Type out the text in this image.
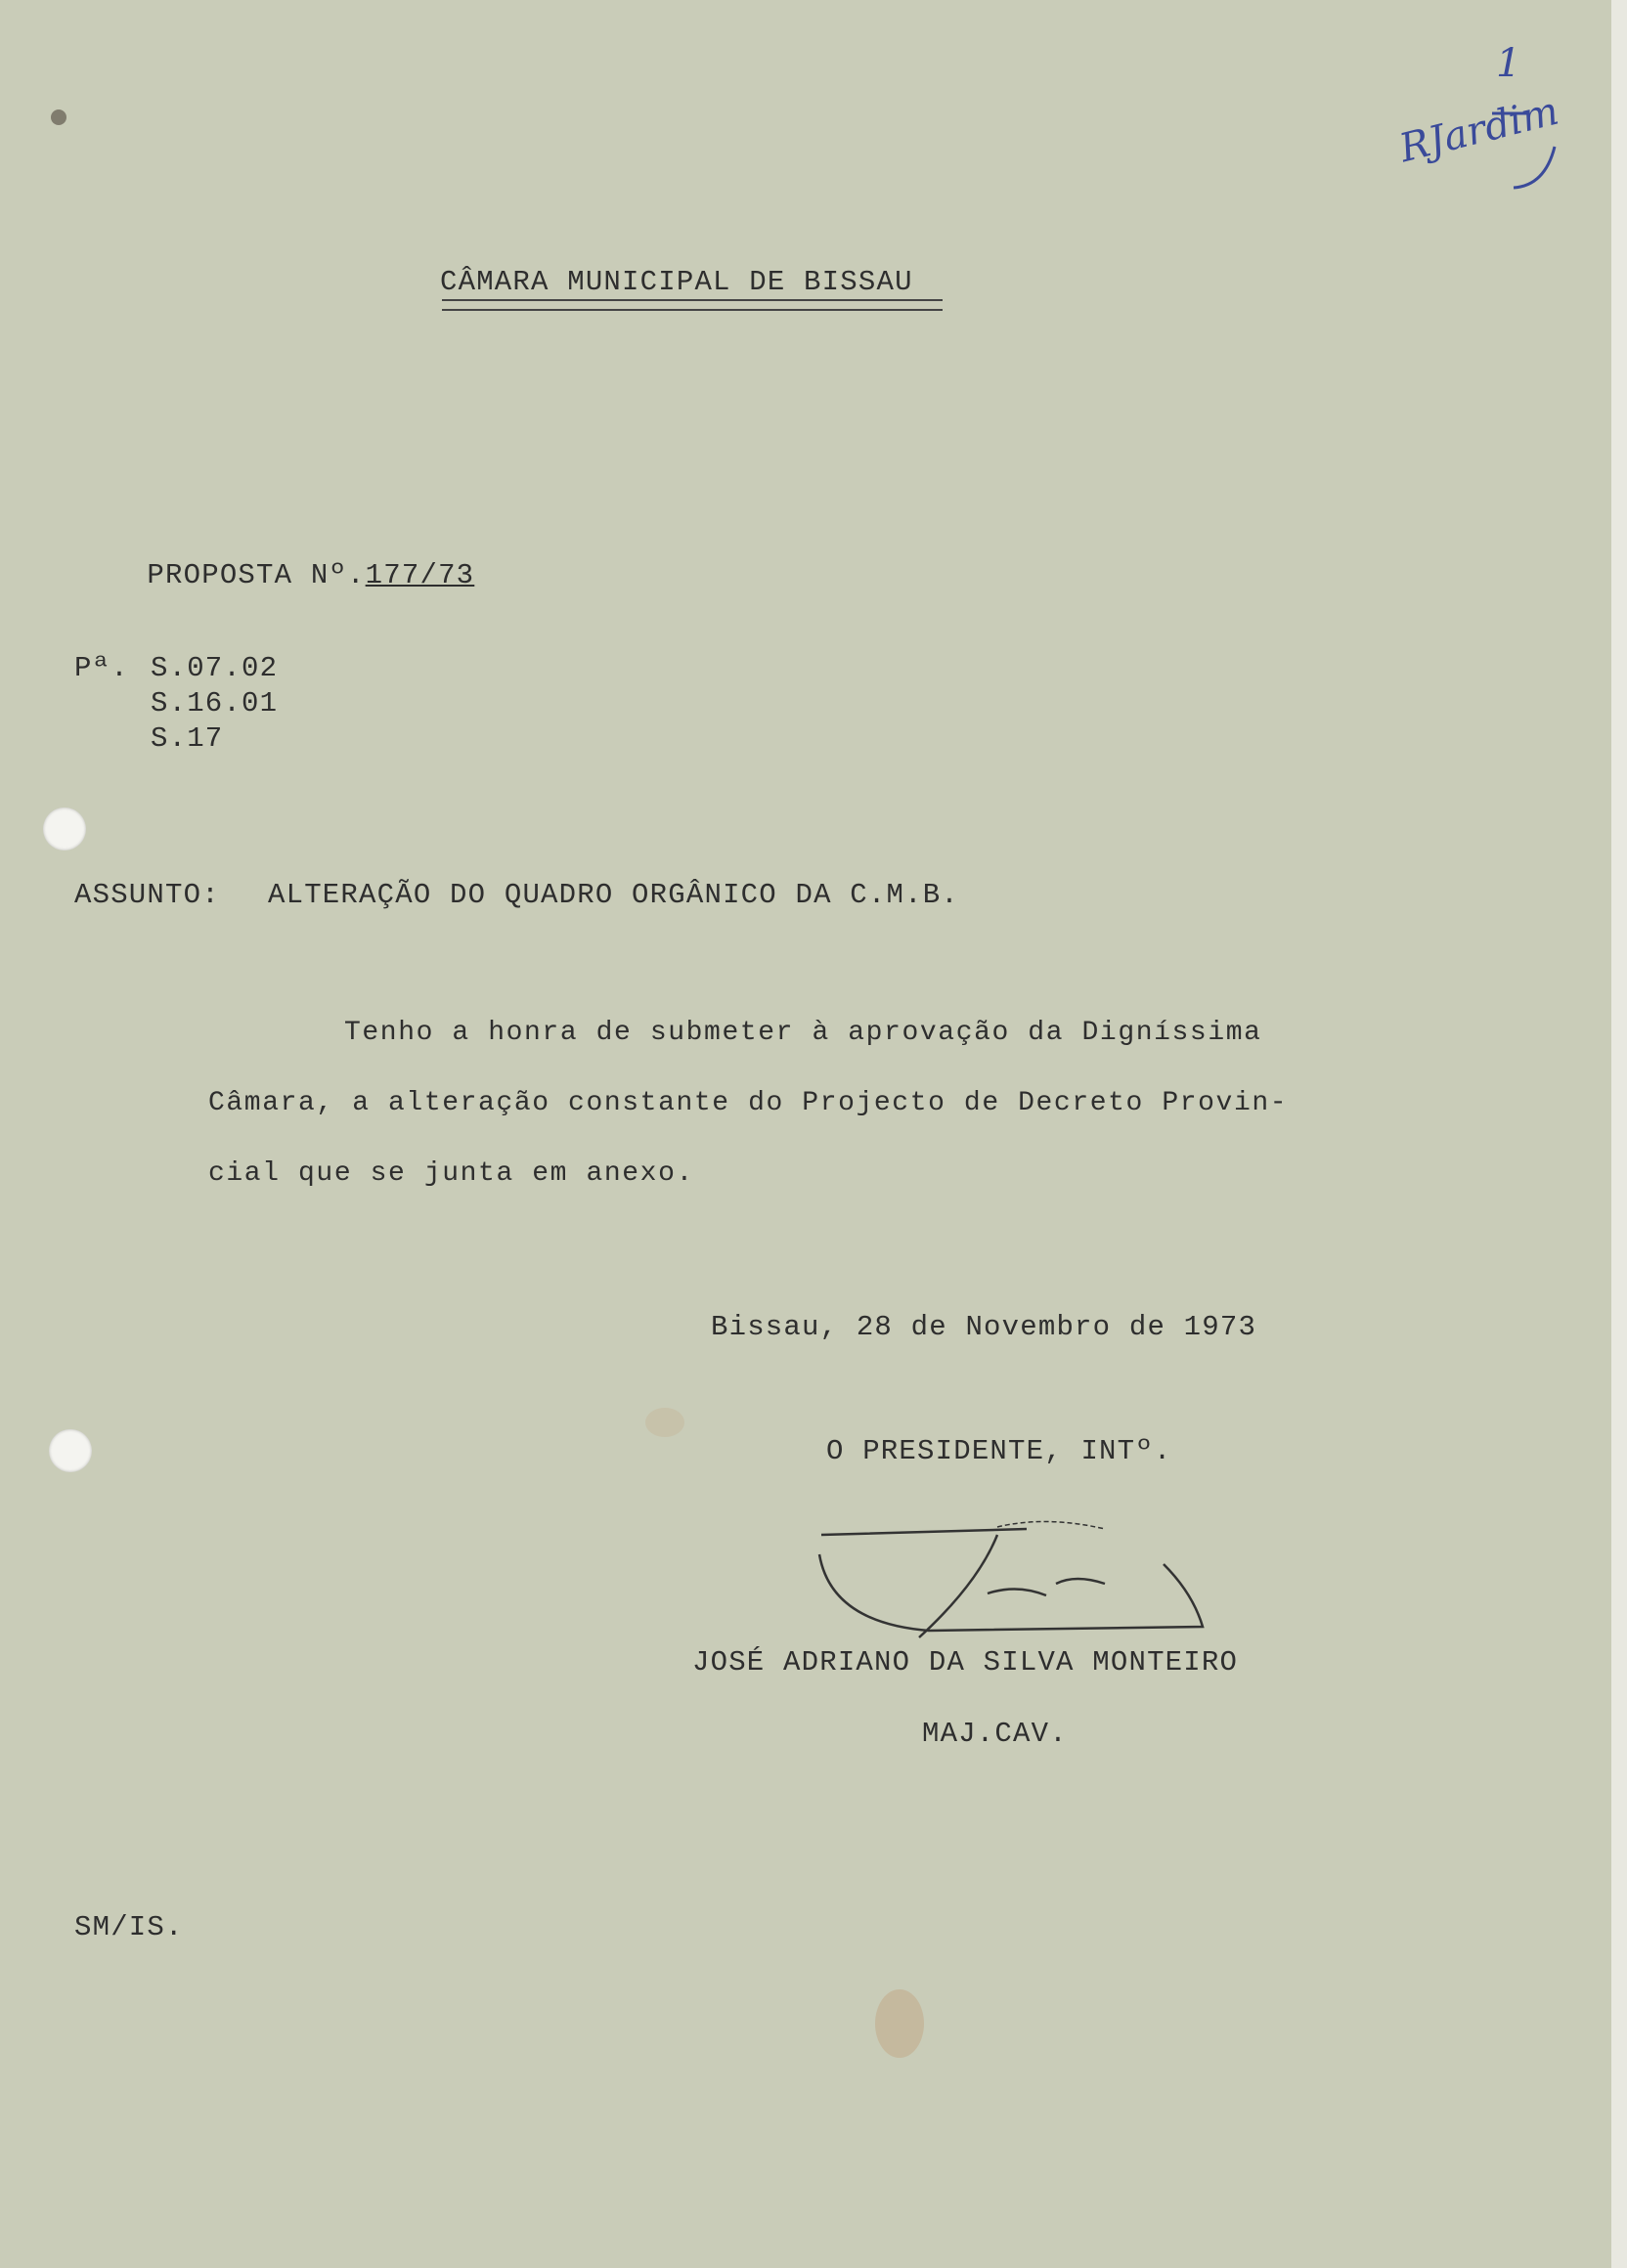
1
RJardim
CÂMARA MUNICIPAL DE BISSAU

PROPOSTA Nº.177/73

Pª. S.07.02
S.16.01
S.17
ASSUNTO: ALTERAÇÃO DO QUADRO ORGÂNICO DA C.M.B.
Tenho a honra de submeter à aprovação da Digníssima
Câmara, a alteração constante do Projecto de Decreto Provin-
cial que se junta em anexo.
Bissau, 28 de Novembro de 1973
O PRESIDENTE, INTº.
JOSÉ ADRIANO DA SILVA MONTEIRO
MAJ.CAV.
SM/IS.
